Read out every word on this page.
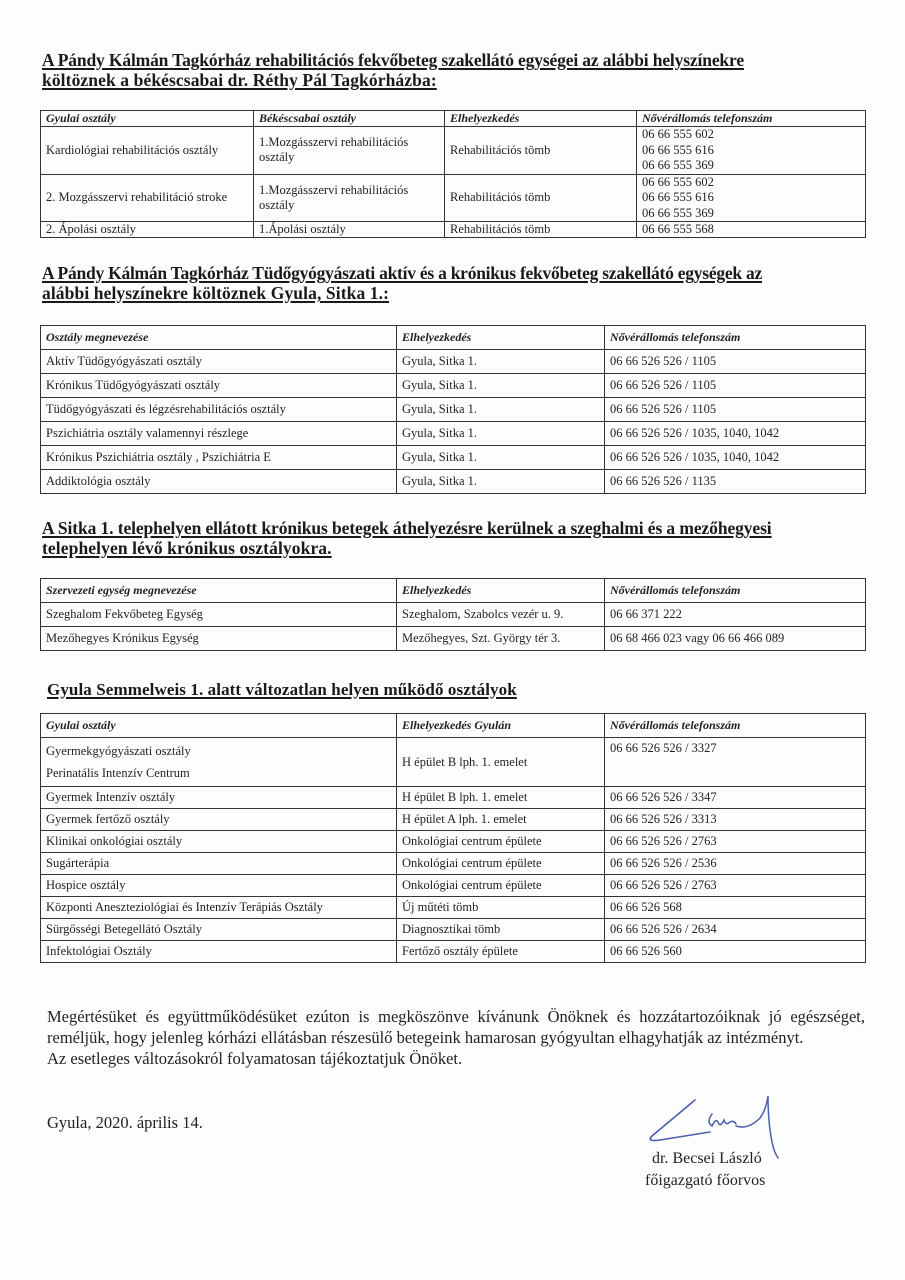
A Pándy Kálmán Tagkórház rehabilitációs fekvőbeteg szakellátó egységei az alábbi helyszínekre
költöznek a békéscsabai dr. Réthy Pál Tagkórházba:
Gyulai osztály	Békéscsabai osztály	Elhelyezkedés	Nővérállomás telefonszám
Kardiológiai rehabilitációs osztály	1.Mozgásszervi rehabilitációs osztály	Rehabilitációs tömb	06 66 555 602
06 66 555 616
06 66 555 369

2. Mozgásszervi rehabilitáció stroke	1.Mozgásszervi rehabilitációs osztály	Rehabilitációs tömb	06 66 555 602
06 66 555 616
06 66 555 369

2. Ápolási osztály	1.Ápolási osztály	Rehabilitációs tömb	06 66 555 568
A Pándy Kálmán Tagkórház Tüdőgyógyászati aktív és a krónikus fekvőbeteg szakellátó egységek az
alábbi helyszínekre költöznek Gyula, Sitka 1.:
Osztály megnevezése	Elhelyezkedés	Nővérállomás telefonszám
Aktív Tüdőgyógyászati osztály	Gyula, Sitka 1.	06 66 526 526 / 1105
Krónikus Tüdőgyógyászati osztály	Gyula, Sitka 1.	06 66 526 526 / 1105
Tüdőgyógyászati és légzésrehabilitációs osztály	Gyula, Sitka 1.	06 66 526 526 / 1105
Pszichiátria osztály valamennyi részlege	Gyula, Sitka 1.	06 66 526 526 / 1035, 1040, 1042
Krónikus Pszichiátria osztály , Pszichiátria E	Gyula, Sitka 1.	06 66 526 526 / 1035, 1040, 1042
Addiktológia osztály	Gyula, Sitka 1.	06 66 526 526 / 1135
A Sitka 1. telephelyen ellátott krónikus betegek áthelyezésre kerülnek a szeghalmi és a mezőhegyesi
telephelyen lévő krónikus osztályokra.
Szervezeti egység megnevezése	Elhelyezkedés	Nővérállomás telefonszám
Szeghalom Fekvőbeteg Egység	Szeghalom, Szabolcs vezér u. 9.	06 66 371 222
Mezőhegyes Krónikus Egység	Mezőhegyes, Szt. György tér 3.	06 68 466 023 vagy 06 66 466 089
Gyula Semmelweis 1. alatt változatlan helyen működő osztályok
Gyulai osztály	Elhelyezkedés Gyulán	Nővérállomás telefonszám

Gyermekgyógyászati osztály
Perinatális Intenzív Centrum	H épület B lph. 1. emelet	06 66 526 526 / 3327
Gyermek Intenzív osztály	H épület B lph. 1. emelet	06 66 526 526 / 3347
Gyermek fertőző osztály	H épület A lph. 1. emelet	06 66 526 526 / 3313
Klinikai onkológiai osztály	Onkológiai centrum épülete	06 66 526 526 / 2763
Sugárterápia	Onkológiai centrum épülete	06 66 526 526 / 2536
Hospice osztály	Onkológiai centrum épülete	06 66 526 526 / 2763
Központi Aneszteziológiai és Intenzív Terápiás Osztály	Új műtéti tömb	06 66 526 568
Sürgősségi Betegellátó Osztály	Diagnosztikai tömb	06 66 526 526 / 2634
Infektológiai Osztály	Fertőző osztály épülete	06 66 526 560
Megértésüket és együttműködésüket ezúton is megköszönve kívánunk Önöknek és hozzátartozóiknak jó egészséget, reméljük, hogy jelenleg kórházi ellátásban részesülő betegeink hamarosan gyógyultan elhagyhatják az intézményt.
Az esetleges változásokról folyamatosan tájékoztatjuk Önöket.
Gyula, 2020. április 14.
dr. Becsei László
főigazgató főorvos
